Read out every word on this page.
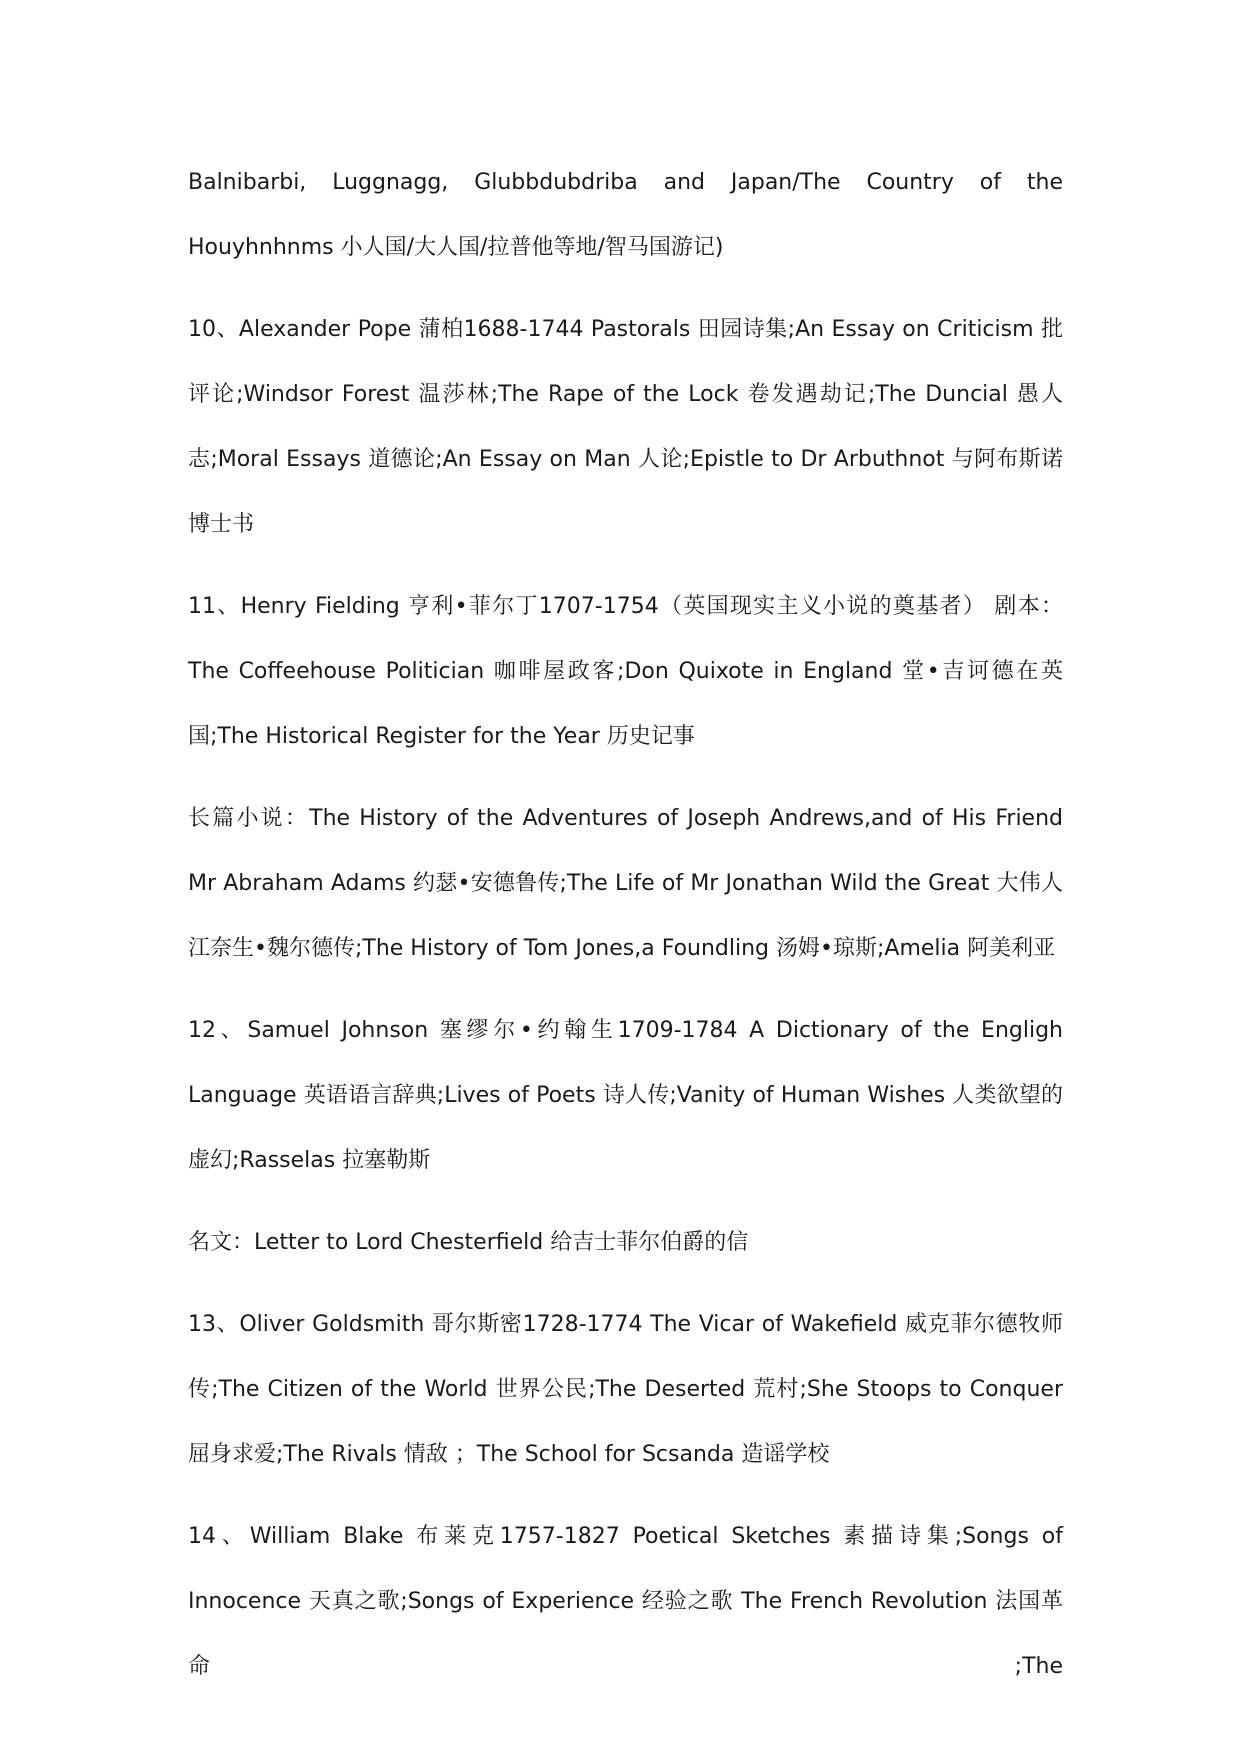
Balnibarbi, Luggnagg, Glubbdubdriba and Japan/The Country of the Houyhnhnms 小人国/大人国/拉普他等地/智马国游记)

10、Alexander Pope 蒲柏1688-1744 Pastorals 田园诗集;An Essay on Criticism 批评论;Windsor Forest 温莎林;The Rape of the Lock 卷发遇劫记;The Duncial 愚人志;Moral Essays 道德论;An Essay on Man 人论;Epistle to Dr Arbuthnot 与阿布斯诺博士书

11、Henry Fielding 亨利•菲尔丁1707-1754（英国现实主义小说的奠基者） 剧本：The Coffeehouse Politician 咖啡屋政客;Don Quixote in England 堂•吉诃德在英国;The Historical Register for the Year 历史记事

长篇小说：The History of the Adventures of Joseph Andrews,and of His Friend Mr Abraham Adams 约瑟•安德鲁传;The Life of Mr Jonathan Wild the Great 大伟人江奈生•魏尔德传;The History of Tom Jones,a Foundling 汤姆•琼斯;Amelia 阿美利亚

12、Samuel Johnson 塞缪尔•约翰生1709-1784 A Dictionary of the Engligh Language 英语语言辞典;Lives of Poets 诗人传;Vanity of Human Wishes 人类欲望的虚幻;Rasselas 拉塞勒斯

名文：Letter to Lord Chesterfield 给吉士菲尔伯爵的信

13、Oliver Goldsmith 哥尔斯密1728-1774 The Vicar of Wakefield 威克菲尔德牧师传;The Citizen of the World 世界公民;The Deserted 荒村;She Stoops to Conquer 屈身求爱;The Rivals 情敌 ；The School for Scsanda 造谣学校

14、William Blake 布莱克1757-1827 Poetical Sketches 素描诗集;Songs of Innocence 天真之歌;Songs of Experience 经验之歌 The French Revolution 法国革命;The
